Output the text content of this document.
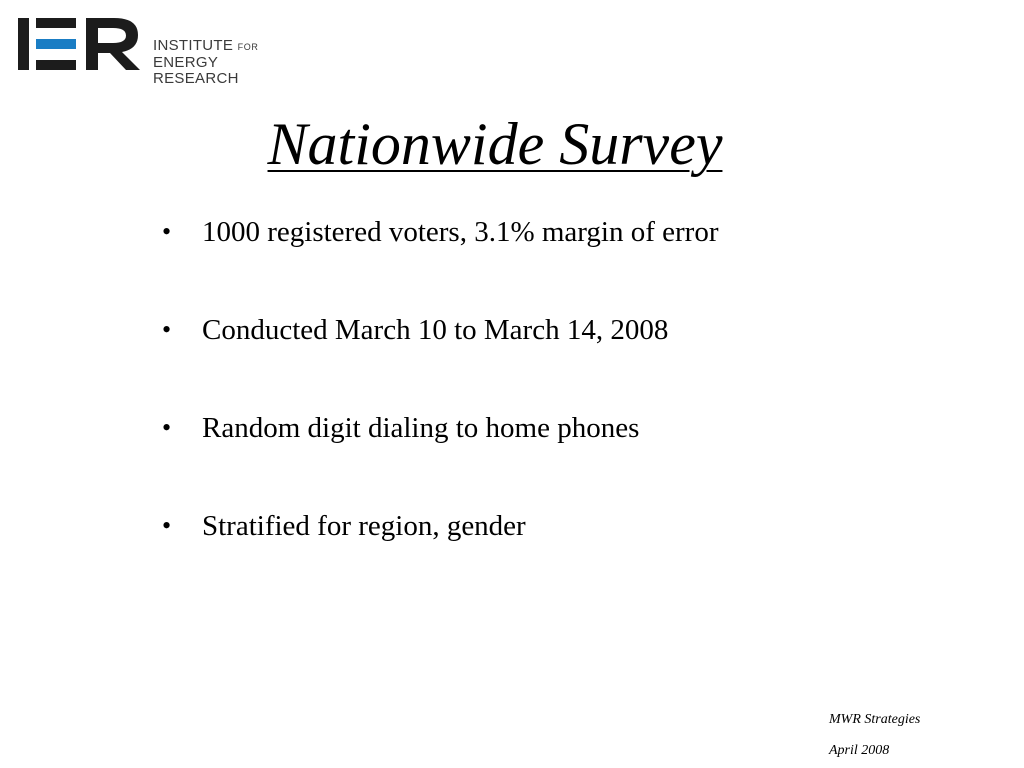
INSTITUTE FOR
ENERGY RESEARCH
Nationwide Survey
•	1000 registered voters, 3.1% margin of error
•	Conducted March 10 to March 14, 2008
•	Random digit dialing to home phones
•	Stratified for region, gender
MWR Strategies
April 2008
